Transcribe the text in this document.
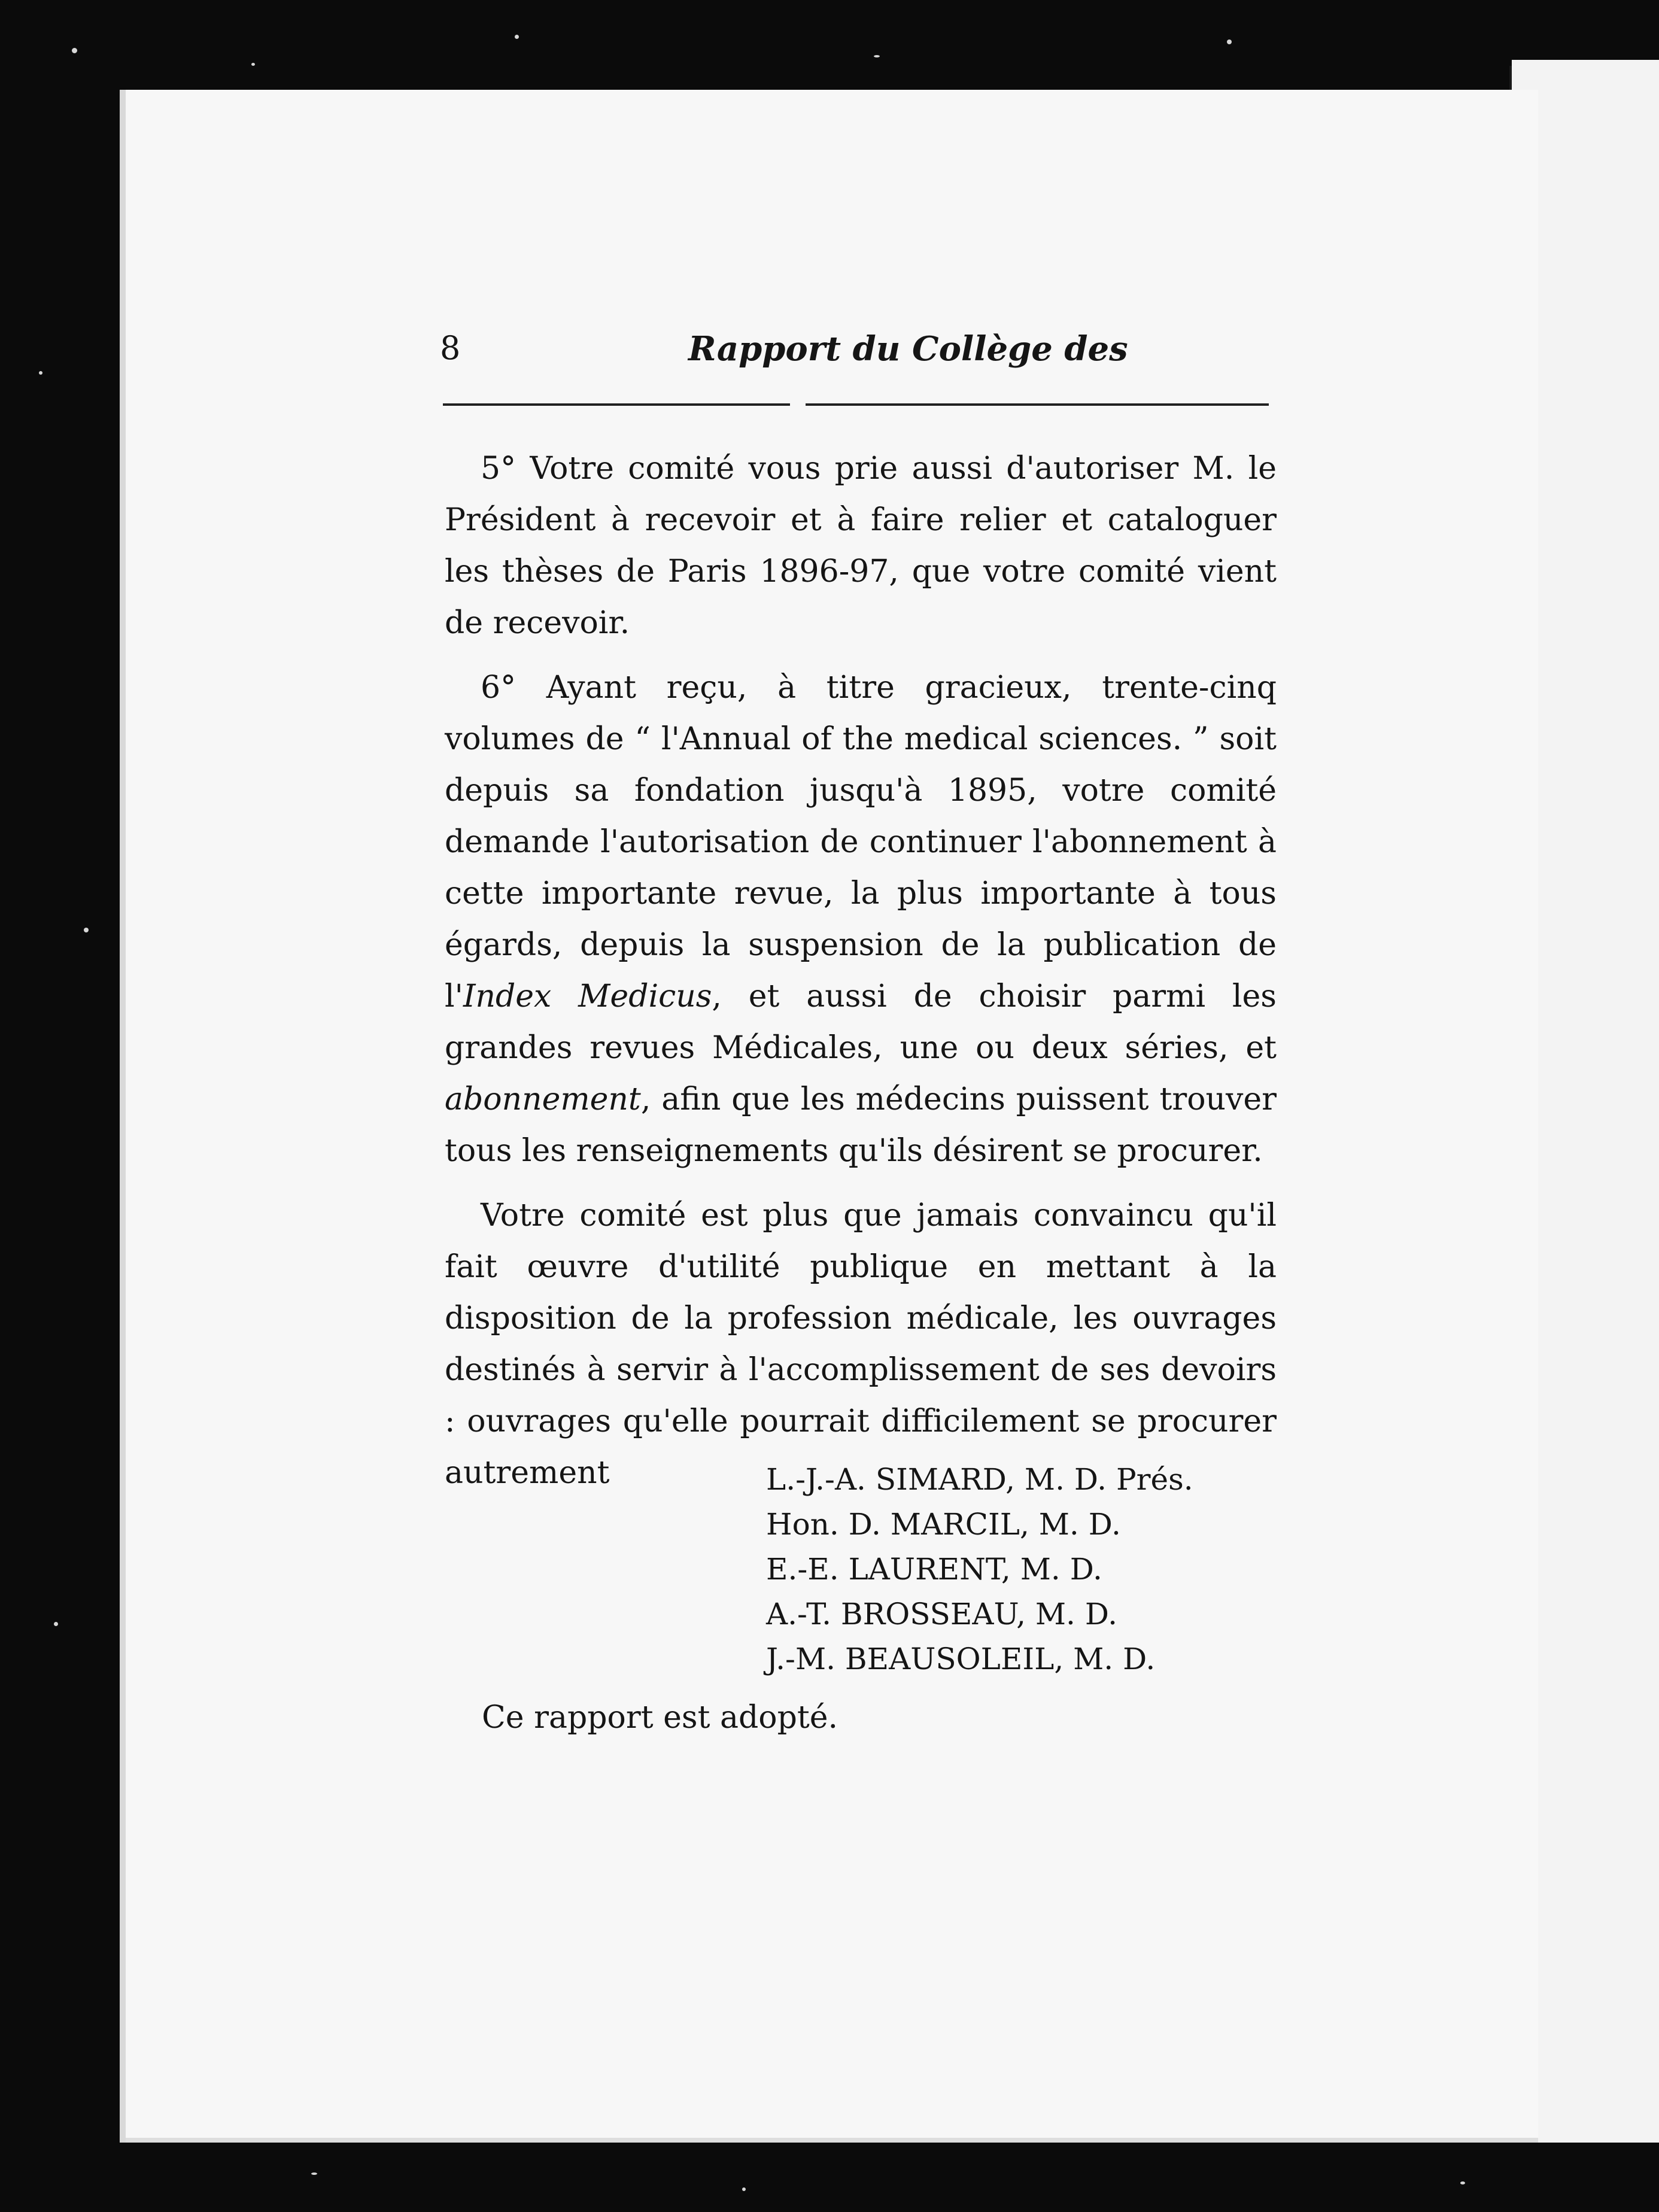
8	Rapport du Collège des

5° Votre comité vous prie aussi d'autoriser M. le Président à recevoir et à faire relier et cataloguer les thèses de Paris 1896-97, que votre comité vient de recevoir.

6° Ayant reçu, à titre gracieux, trente-cinq volumes de “ l'Annual of the medical sciences. ” soit depuis sa fondation jusqu'à 1895, votre comité demande l'autorisation de continuer l'abonnement à cette importante revue, la plus importante à tous égards, depuis la suspension de la publication de l'Index Medicus, et aussi de choisir parmi les grandes revues Médicales, une ou deux séries, et abonnement, afin que les médecins puissent trouver tous les renseignements qu'ils désirent se procurer.

Votre comité est plus que jamais convaincu qu'il fait œuvre d'utilité publique en mettant à la disposition de la profession médicale, les ouvrages destinés à servir à l'accomplissement de ses devoirs : ouvrages qu'elle pourrait difficilement se procurer autrement	L.-J.-A. SIMARD, M. D. Prés.
Hon. D. MARCIL, M. D.
E.-E. LAURENT, M. D.
A.-T. BROSSEAU, M. D.
J.-M. BEAUSOLEIL, M. D.
Ce rapport est adopté.
